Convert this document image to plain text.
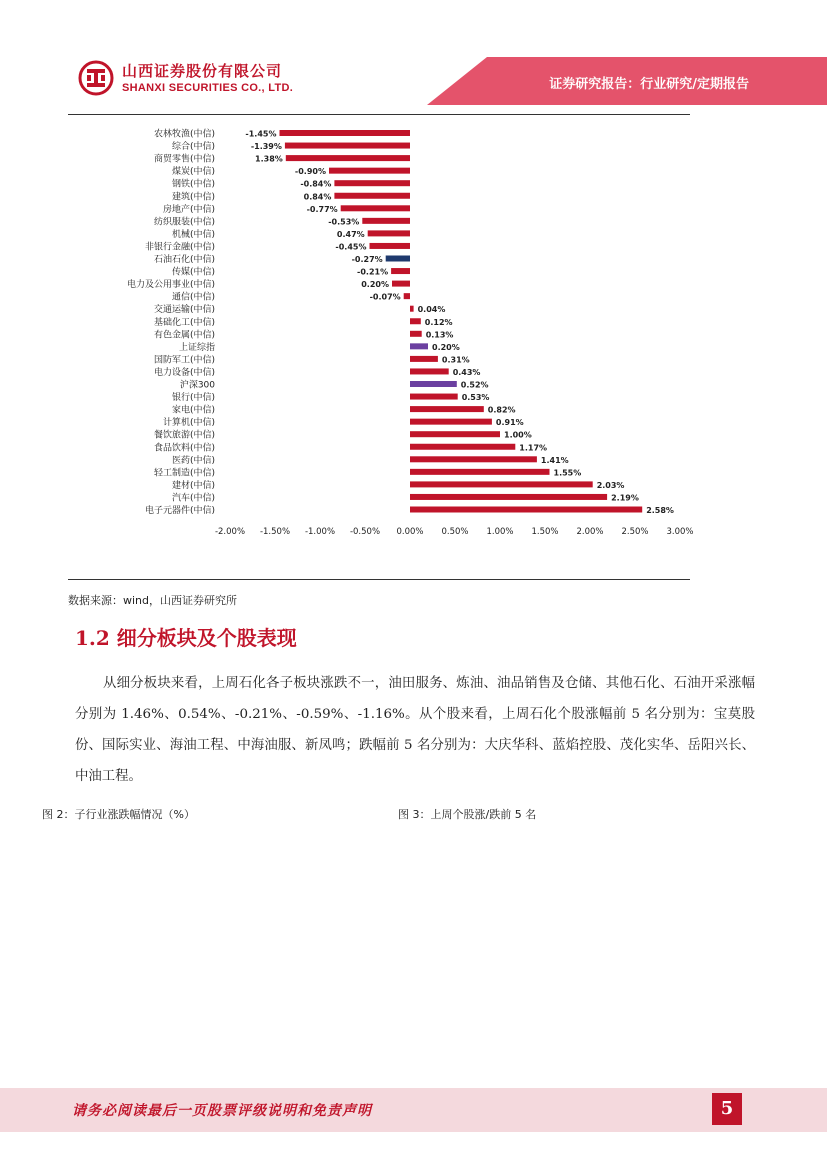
山西证券股份有限公司
SHANXI SECURITIES CO., LTD.	证券研究报告：行业研究/定期报告
农林牧渔(中信)	-1.45%
综合(中信)	-1.39%
商贸零售(中信)	1.38%
煤炭(中信)	-0.90%
钢铁(中信)	-0.84%
建筑(中信)	0.84%
房地产(中信)	-0.77%
纺织服装(中信)	-0.53%
机械(中信)	0.47%
非银行金融(中信)	-0.45%
石油石化(中信)	-0.27%
传媒(中信)	-0.21%
电力及公用事业(中信)	0.20%
通信(中信)	-0.07%
交通运输(中信)	0.04%
基础化工(中信)	0.12%
有色金属(中信)	0.13%
上证综指	0.20%
国防军工(中信)	0.31%
电力设备(中信)	0.43%
沪深300	0.52%
银行(中信)	0.53%
家电(中信)	0.82%
计算机(中信)	0.91%
餐饮旅游(中信)	1.00%
食品饮料(中信)	1.17%
医药(中信)	1.41%
轻工制造(中信)	1.55%
建材(中信)	2.03%
汽车(中信)	2.19%
电子元器件(中信)	2.58%
-2.00% -1.50% -1.00% -0.50% 0.00% 0.50% 1.00% 1.50% 2.00% 2.50% 3.00%
数据来源：wind，山西证券研究所
1.2 细分板块及个股表现
从细分板块来看，上周石化各子板块涨跌不一，油田服务、炼油、油品销售及仓储、其他石化、石油开采涨幅分别为 1.46%、0.54%、-0.21%、-0.59%、-1.16%。从个股来看，上周石化个股涨幅前 5 名分别为：宝莫股份、国际实业、海油工程、中海油服、新凤鸣；跌幅前 5 名分别为：大庆华科、蓝焰控股、茂化实华、岳阳兴长、中油工程。
图 2：子行业涨跌幅情况（%）	图 3：上周个股涨/跌前 5 名
请务必阅读最后一页股票评级说明和免责声明	5
